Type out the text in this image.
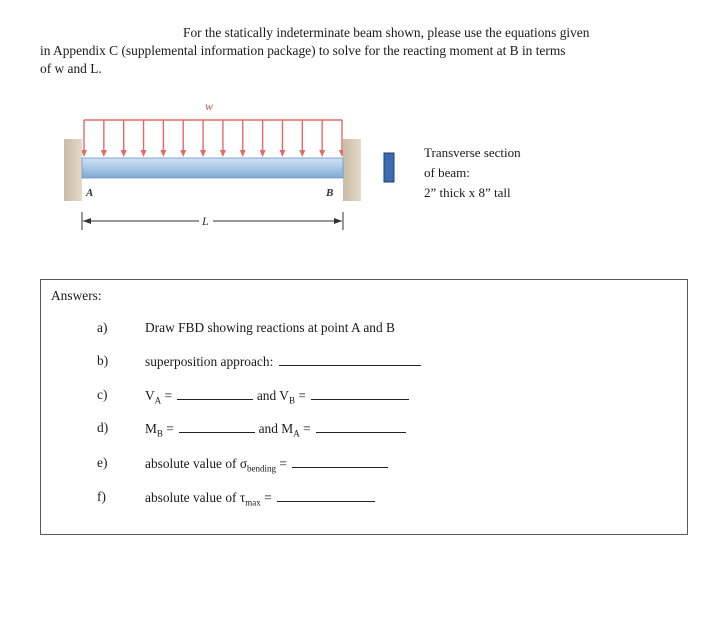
For the statically indeterminate beam shown, please use the equations given
in Appendix C (supplemental information package) to solve for the reacting moment at B in terms
of w and L.
w
A	B
L
Transverse section
of beam:
2” thick x 8” tall
Answers:
a)	Draw FBD showing reactions at point A and B
b)	superposition approach:
c)	$V_A$ =	and $V_B$ =
d)	$M_B$ =	and $M_A$ =
e)	absolute value of $\sigma_{bending}$ =
f)	absolute value of $\tau_{max}$ =
